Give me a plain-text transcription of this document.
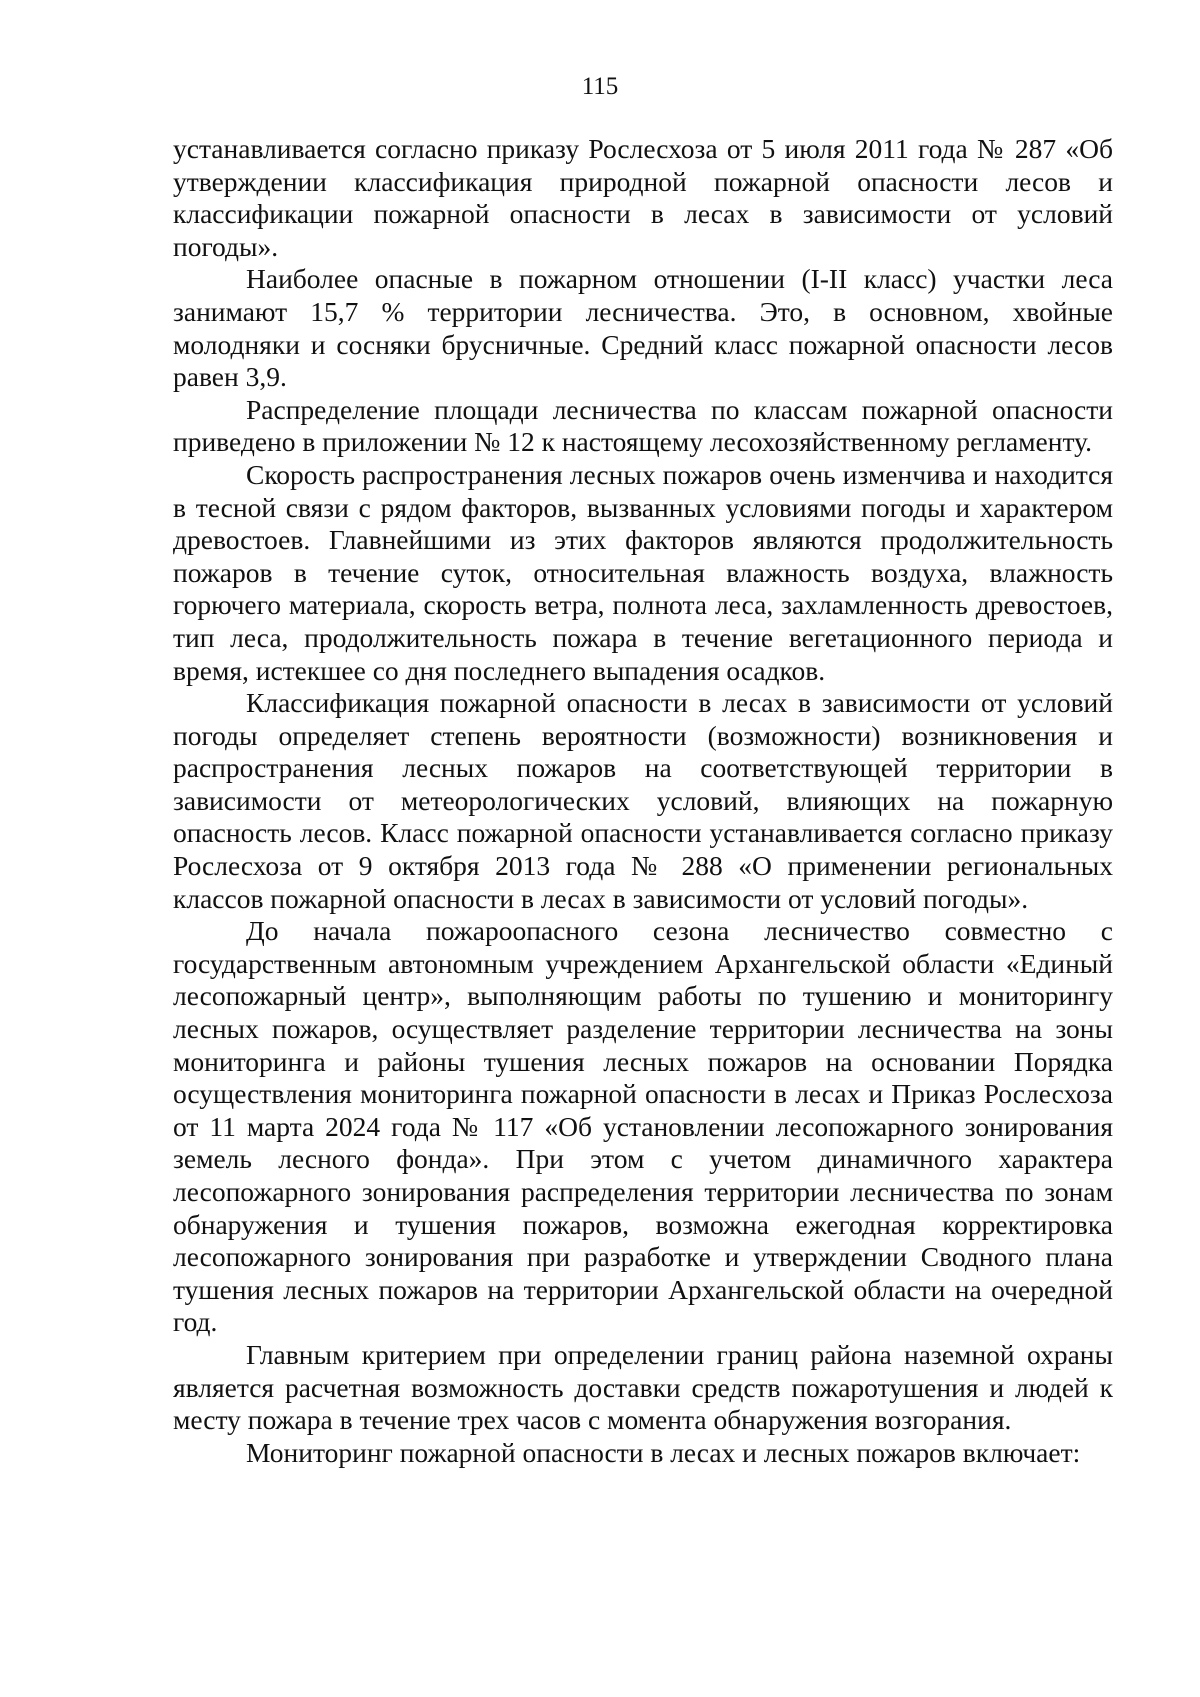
115

устанавливается согласно приказу Рослесхоза от 5 июля 2011 года № 287 «Об утверждении классификация природной пожарной опасности лесов и классификации пожарной опасности в лесах в зависимости от условий погоды».

Наиболее опасные в пожарном отношении (I-II класс) участки леса занимают 15,7 % территории лесничества. Это, в основном, хвойные молодняки и сосняки брусничные. Средний класс пожарной опасности лесов равен 3,9.

Распределение площади лесничества по классам пожарной опасности приведено в приложении № 12 к настоящему лесохозяйственному регламенту.

Скорость распространения лесных пожаров очень изменчива и находится в тесной связи с рядом факторов, вызванных условиями погоды и характером древостоев. Главнейшими из этих факторов являются продолжительность пожаров в течение суток, относительная влажность воздуха, влажность горючего материала, скорость ветра, полнота леса, захламленность древостоев, тип леса, продолжительность пожара в течение вегетационного периода и время, истекшее со дня последнего выпадения осадков.

Классификация пожарной опасности в лесах в зависимости от условий погоды определяет степень вероятности (возможности) возникновения и распространения лесных пожаров на соответствующей территории в зависимости от метеорологических условий, влияющих на пожарную опасность лесов. Класс пожарной опасности устанавливается согласно приказу Рослесхоза от 9 октября 2013 года № 288 «О применении региональных классов пожарной опасности в лесах в зависимости от условий погоды».

До начала пожароопасного сезона лесничество совместно с государственным автономным учреждением Архангельской области «Единый лесопожарный центр», выполняющим работы по тушению и мониторингу лесных пожаров, осуществляет разделение территории лесничества на зоны мониторинга и районы тушения лесных пожаров на основании Порядка осуществления мониторинга пожарной опасности в лесах и Приказ Рослесхоза от 11 марта 2024 года № 117 «Об установлении лесопожарного зонирования земель лесного фонда». При этом с учетом динамичного характера лесопожарного зонирования распределения территории лесничества по зонам обнаружения и тушения пожаров, возможна ежегодная корректировка лесопожарного зонирования при разработке и утверждении Сводного плана тушения лесных пожаров на территории Архангельской области на очередной год.

Главным критерием при определении границ района наземной охраны является расчетная возможность доставки средств пожаротушения и людей к месту пожара в течение трех часов с момента обнаружения возгорания.

Мониторинг пожарной опасности в лесах и лесных пожаров включает:
